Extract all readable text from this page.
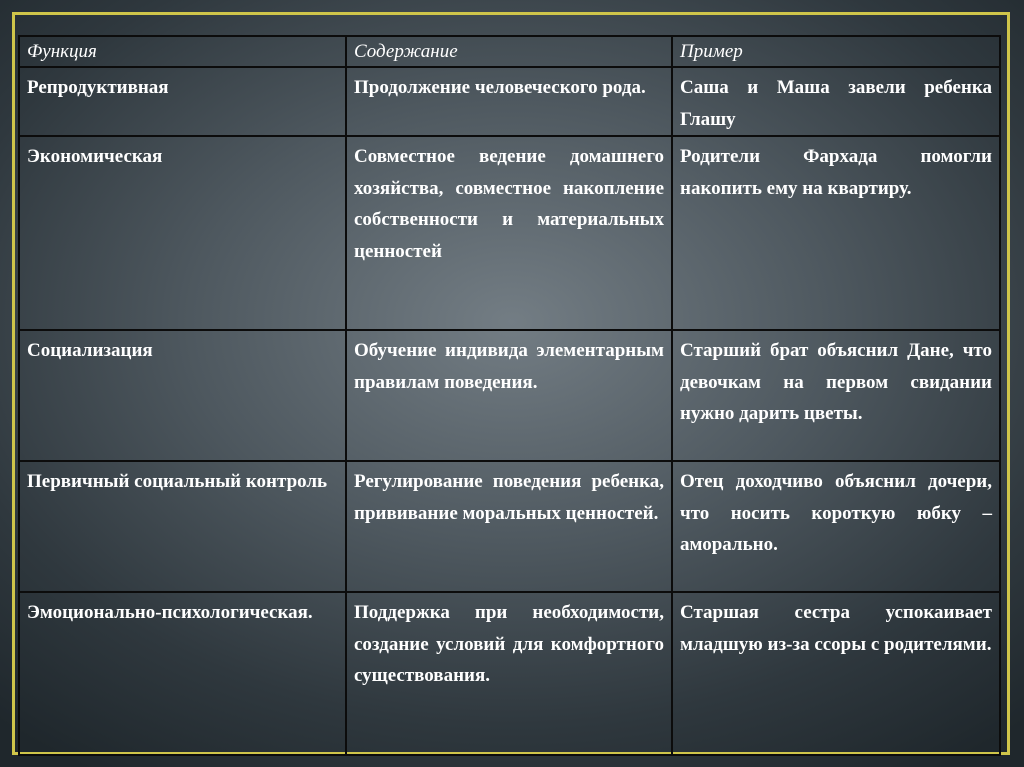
Функция	Содержание	Пример
Репродуктивная	Продолжение человеческого рода.	Саша и Маша завели ребенка Глашу
Экономическая	Совместное ведение домашнего хозяйства, совместное накопление собственности и материальных ценностей	Родители Фархада помогли накопить ему на квартиру.
Социализация	Обучение индивида элементарным правилам поведения.	Старший брат объяснил Дане, что девочкам на первом свидании нужно дарить цветы.
Первичный социальный контроль	Регулирование поведения ребенка, прививание моральных ценностей.	Отец доходчиво объяснил дочери, что носить короткую юбку – аморально.
Эмоционально-психологическая.	Поддержка при необходимости, создание условий для комфортного существования.	Старшая сестра успокаивает младшую из-за ссоры с родителями.
